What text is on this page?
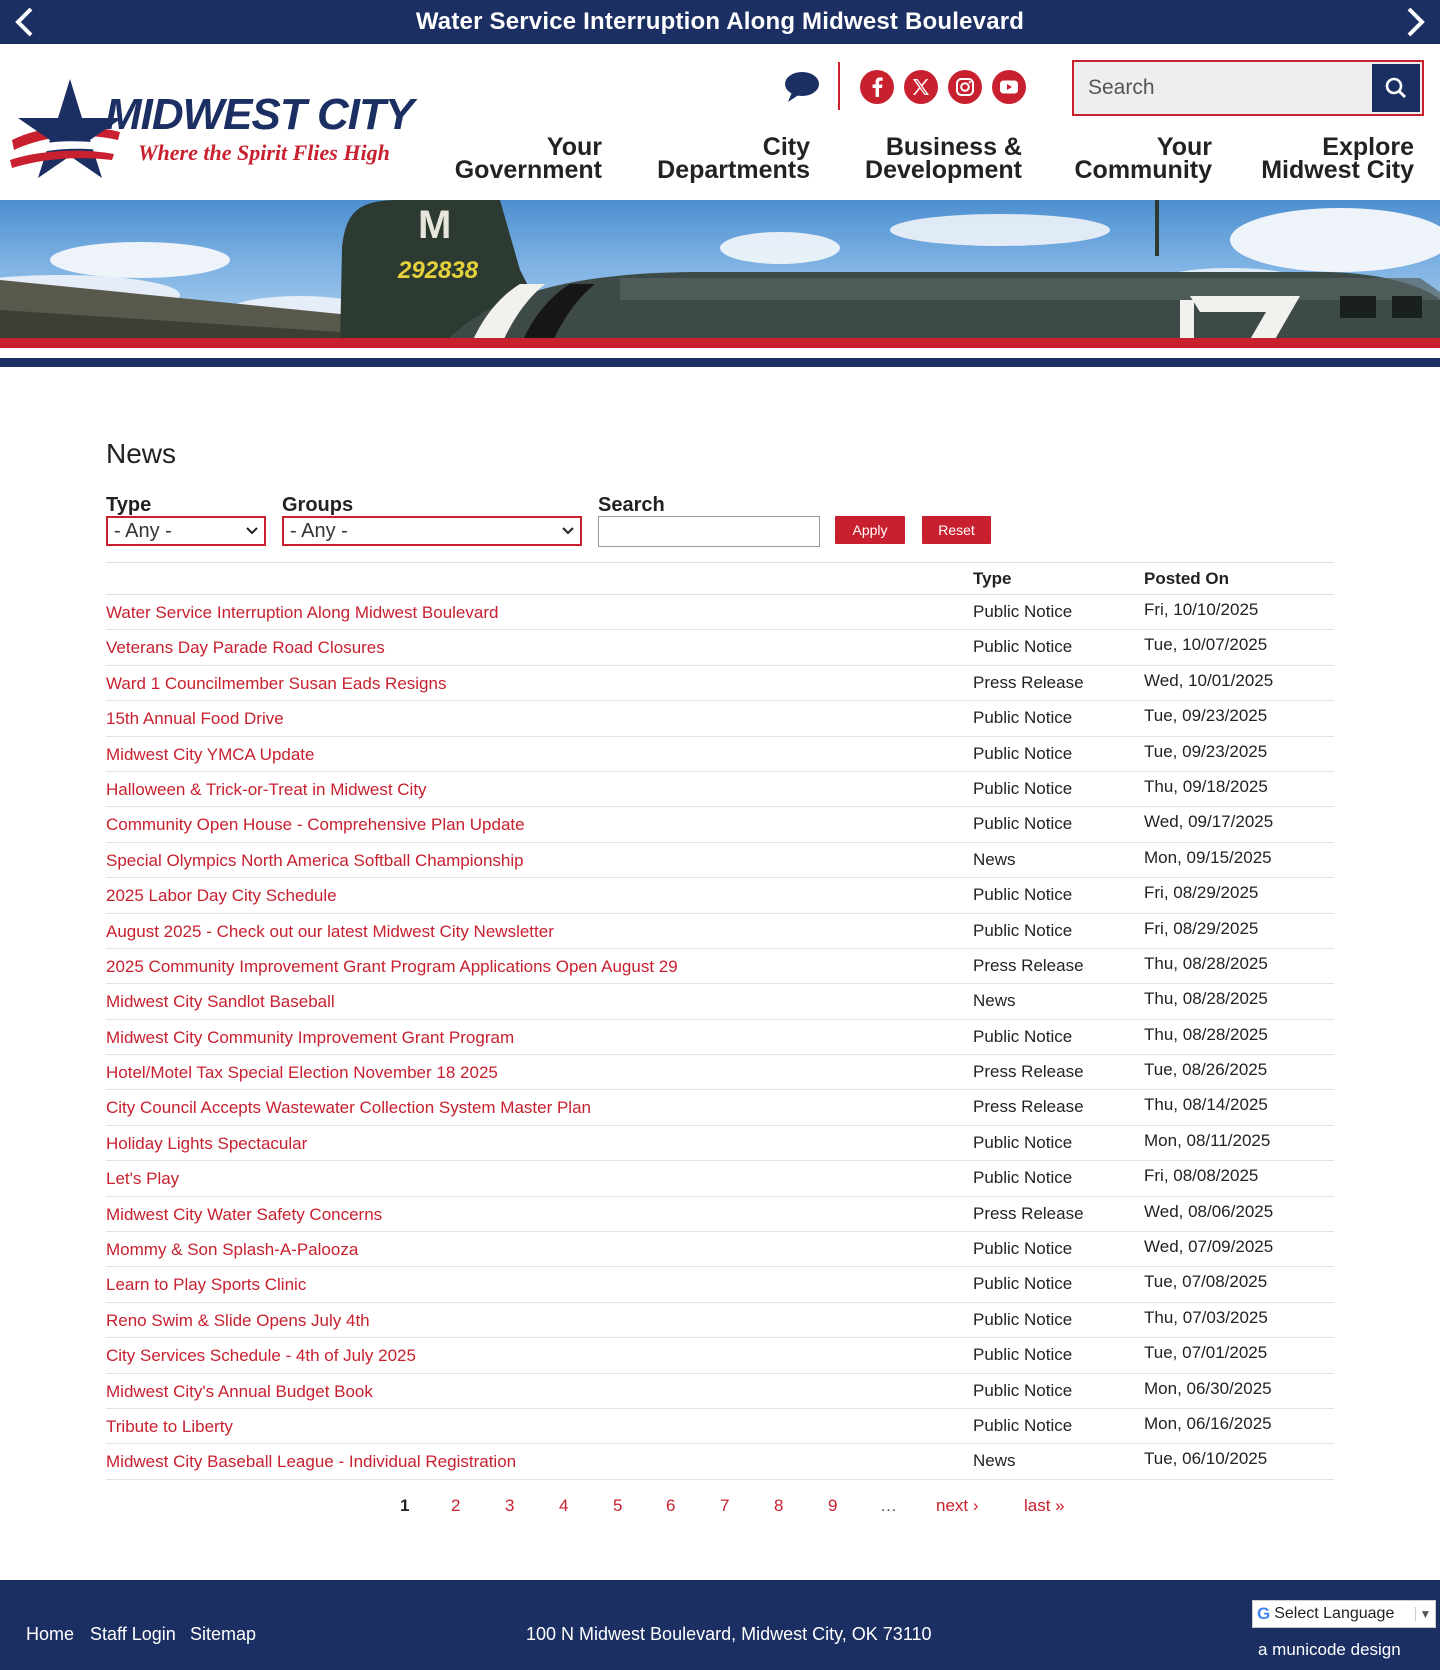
Water Service Interruption Along Midwest Boulevard
MIDWEST CITY
Where the Spirit Flies High
Search	Your
Government
City
Departments
Business &
Development
Your
Community
Explore
Midwest City
M
292838
News
Type	Groups	Search
- Any -	- Any -	Apply	Reset
Type	Posted On
Water Service Interruption Along Midwest Boulevard	Public Notice	Fri, 10/10/2025
Veterans Day Parade Road Closures	Public Notice	Tue, 10/07/2025
Ward 1 Councilmember Susan Eads Resigns	Press Release	Wed, 10/01/2025
15th Annual Food Drive	Public Notice	Tue, 09/23/2025
Midwest City YMCA Update	Public Notice	Tue, 09/23/2025
Halloween & Trick-or-Treat in Midwest City	Public Notice	Thu, 09/18/2025
Community Open House - Comprehensive Plan Update	Public Notice	Wed, 09/17/2025
Special Olympics North America Softball Championship	News	Mon, 09/15/2025
2025 Labor Day City Schedule	Public Notice	Fri, 08/29/2025
August 2025 - Check out our latest Midwest City Newsletter	Public Notice	Fri, 08/29/2025
2025 Community Improvement Grant Program Applications Open August 29	Press Release	Thu, 08/28/2025
Midwest City Sandlot Baseball	News	Thu, 08/28/2025
Midwest City Community Improvement Grant Program	Public Notice	Thu, 08/28/2025
Hotel/Motel Tax Special Election November 18 2025	Press Release	Tue, 08/26/2025
City Council Accepts Wastewater Collection System Master Plan	Press Release	Thu, 08/14/2025
Holiday Lights Spectacular	Public Notice	Mon, 08/11/2025
Let's Play	Public Notice	Fri, 08/08/2025
Midwest City Water Safety Concerns	Press Release	Wed, 08/06/2025
Mommy & Son Splash-A-Palooza	Public Notice	Wed, 07/09/2025
Learn to Play Sports Clinic	Public Notice	Tue, 07/08/2025
Reno Swim & Slide Opens July 4th	Public Notice	Thu, 07/03/2025
City Services Schedule - 4th of July 2025	Public Notice	Tue, 07/01/2025
Midwest City's Annual Budget Book	Public Notice	Mon, 06/30/2025
Tribute to Liberty	Public Notice	Mon, 06/16/2025
Midwest City Baseball League - Individual Registration	News	Tue, 06/10/2025
1 2	3	4	5	6	7	8	9	… next ›	last »
Home Staff Login Sitemap	100 N Midwest Boulevard, Midwest City, OK 73110
G Select Language	▼
a municode design
